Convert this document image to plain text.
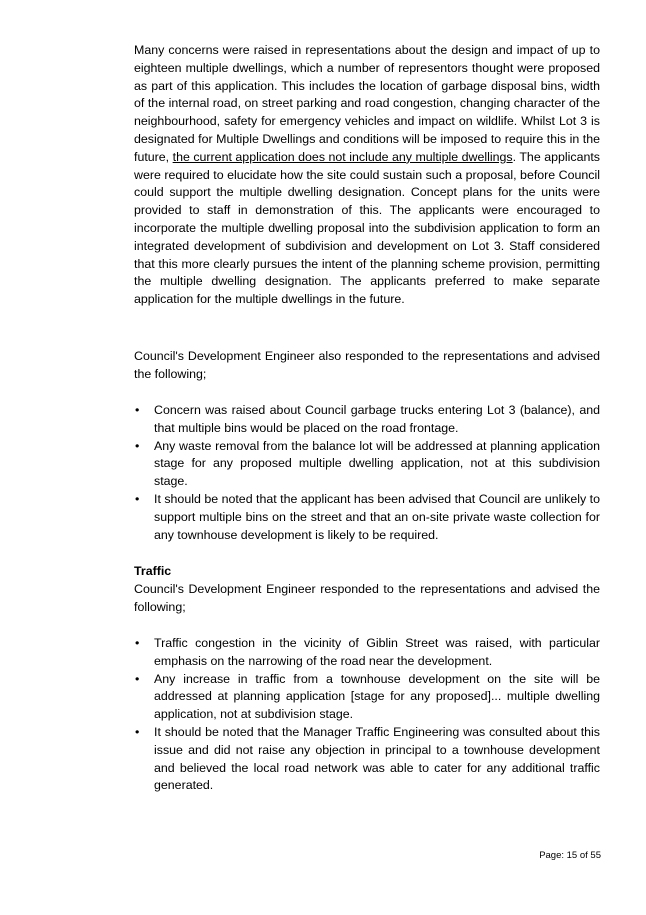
Many concerns were raised in representations about the design and impact of up to eighteen multiple dwellings, which a number of representors thought were proposed as part of this application. This includes the location of garbage disposal bins, width of the internal road, on street parking and road congestion, changing character of the neighbourhood, safety for emergency vehicles and impact on wildlife. Whilst Lot 3 is designated for Multiple Dwellings and conditions will be imposed to require this in the future, the current application does not include any multiple dwellings. The applicants were required to elucidate how the site could sustain such a proposal, before Council could support the multiple dwelling designation. Concept plans for the units were provided to staff in demonstration of this. The applicants were encouraged to incorporate the multiple dwelling proposal into the subdivision application to form an integrated development of subdivision and development on Lot 3. Staff considered that this more clearly pursues the intent of the planning scheme provision, permitting the multiple dwelling designation. The applicants preferred to make separate application for the multiple dwellings in the future.

Council's Development Engineer also responded to the representations and advised the following;

• Concern was raised about Council garbage trucks entering Lot 3 (balance), and that multiple bins would be placed on the road frontage.
• Any waste removal from the balance lot will be addressed at planning application stage for any proposed multiple dwelling application, not at this subdivision stage.
• It should be noted that the applicant has been advised that Council are unlikely to support multiple bins on the street and that an on-site private waste collection for any townhouse development is likely to be required.
Traffic

Council's Development Engineer responded to the representations and advised the following;

• Traffic congestion in the vicinity of Giblin Street was raised, with particular emphasis on the narrowing of the road near the development.
• Any increase in traffic from a townhouse development on the site will be addressed at planning application [stage for any proposed]... multiple dwelling application, not at subdivision stage.
• It should be noted that the Manager Traffic Engineering was consulted about this issue and did not raise any objection in principal to a townhouse development and believed the local road network was able to cater for any additional traffic generated.
Page: 15 of 55
